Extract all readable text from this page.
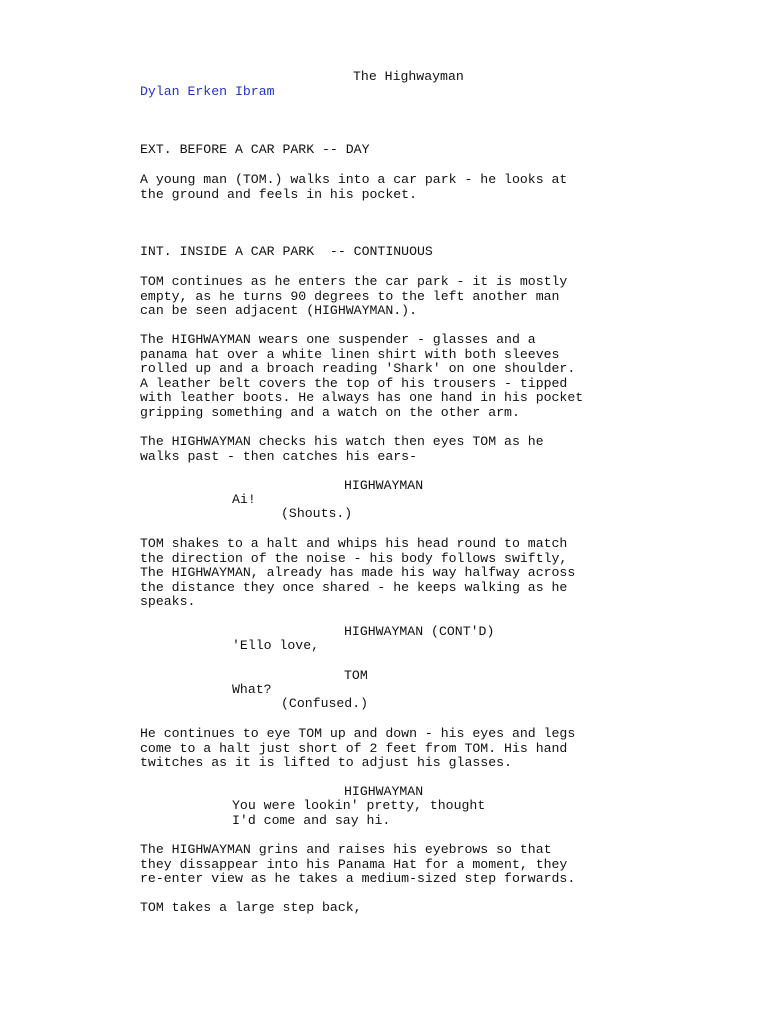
The Highwayman
Dylan Erken Ibram
EXT. BEFORE A CAR PARK -- DAY
A young man (TOM.) walks into a car park - he looks at
the ground and feels in his pocket.
INT. INSIDE A CAR PARK  -- CONTINUOUS
TOM continues as he enters the car park - it is mostly
empty, as he turns 90 degrees to the left another man
can be seen adjacent (HIGHWAYMAN.).
The HIGHWAYMAN wears one suspender - glasses and a
panama hat over a white linen shirt with both sleeves
rolled up and a broach reading 'Shark' on one shoulder.
A leather belt covers the top of his trousers - tipped
with leather boots. He always has one hand in his pocket
gripping something and a watch on the other arm.
The HIGHWAYMAN checks his watch then eyes TOM as he
walks past - then catches his ears-
HIGHWAYMAN
Ai!
(Shouts.)
TOM shakes to a halt and whips his head round to match
the direction of the noise - his body follows swiftly,
The HIGHWAYMAN, already has made his way halfway across
the distance they once shared - he keeps walking as he
speaks.
HIGHWAYMAN (CONT'D)
'Ello love,
TOM
What?
(Confused.)
He continues to eye TOM up and down - his eyes and legs
come to a halt just short of 2 feet from TOM. His hand
twitches as it is lifted to adjust his glasses.
HIGHWAYMAN
You were lookin' pretty, thought
I'd come and say hi.
The HIGHWAYMAN grins and raises his eyebrows so that
they dissappear into his Panama Hat for a moment, they
re-enter view as he takes a medium-sized step forwards.
TOM takes a large step back,
